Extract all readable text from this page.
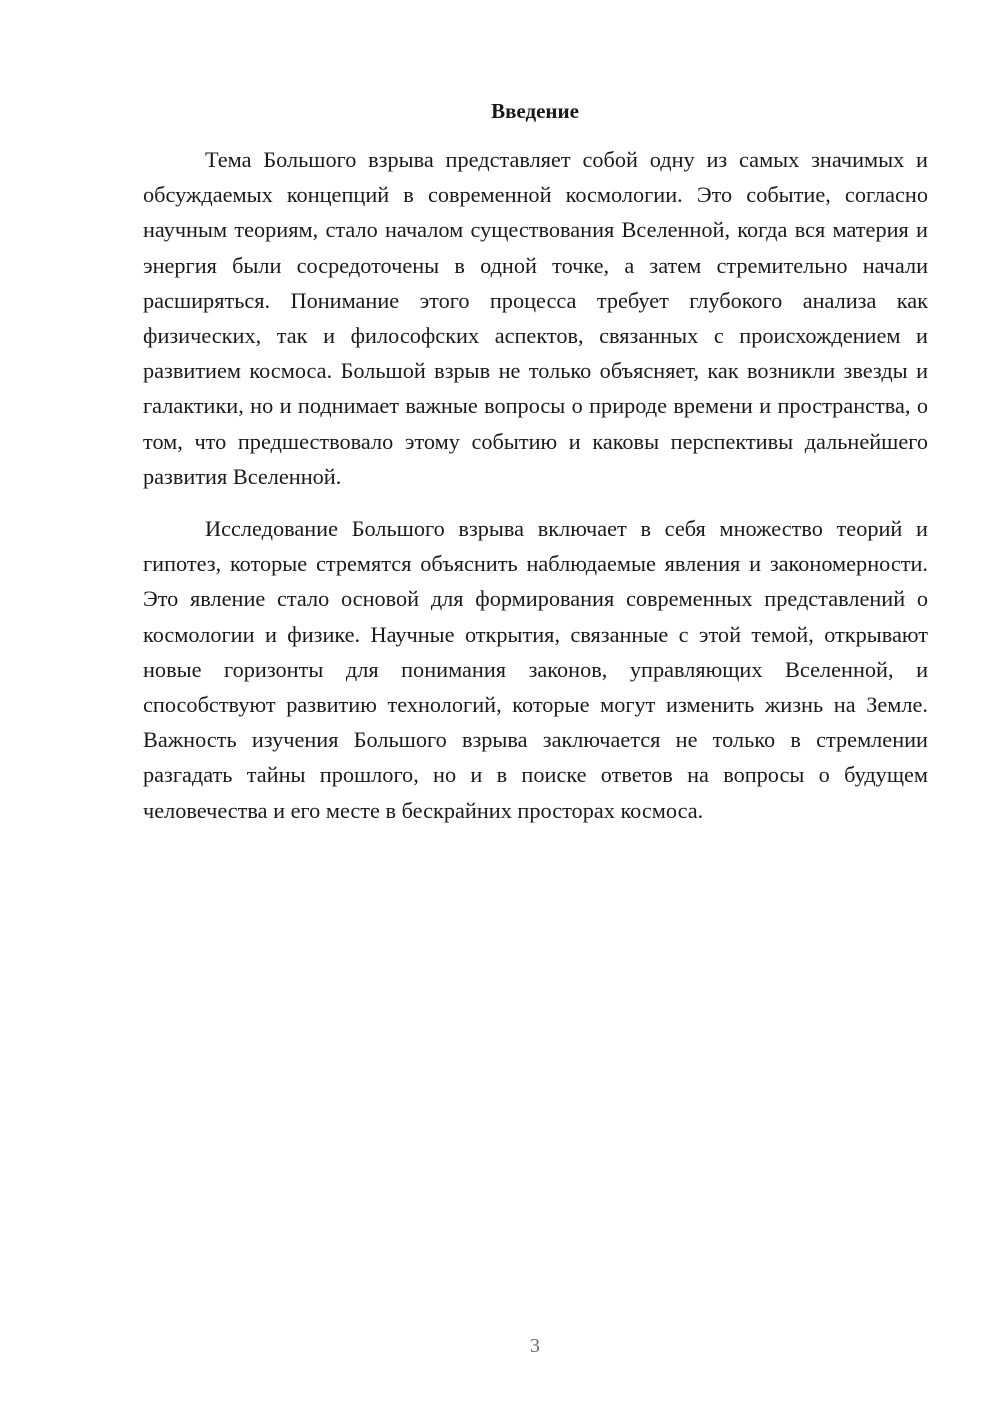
Введение

Тема Большого взрыва представляет собой одну из самых значимых и обсуждаемых концепций в современной космологии. Это событие, согласно научным теориям, стало началом существования Вселенной, когда вся материя и энергия были сосредоточены в одной точке, а затем стремительно начали расширяться. Понимание этого процесса требует глубокого анализа как физических, так и философских аспектов, связанных с происхождением и развитием космоса. Большой взрыв не только объясняет, как возникли звезды и галактики, но и поднимает важные вопросы о природе времени и пространства, о том, что предшествовало этому событию и каковы перспективы дальнейшего развития Вселенной.

Исследование Большого взрыва включает в себя множество теорий и гипотез, которые стремятся объяснить наблюдаемые явления и закономерности. Это явление стало основой для формирования современных представлений о космологии и физике. Научные открытия, связанные с этой темой, открывают новые горизонты для понимания законов, управляющих Вселенной, и способствуют развитию технологий, которые могут изменить жизнь на Земле. Важность изучения Большого взрыва заключается не только в стремлении разгадать тайны прошлого, но и в поиске ответов на вопросы о будущем человечества и его месте в бескрайних просторах космоса.

3
